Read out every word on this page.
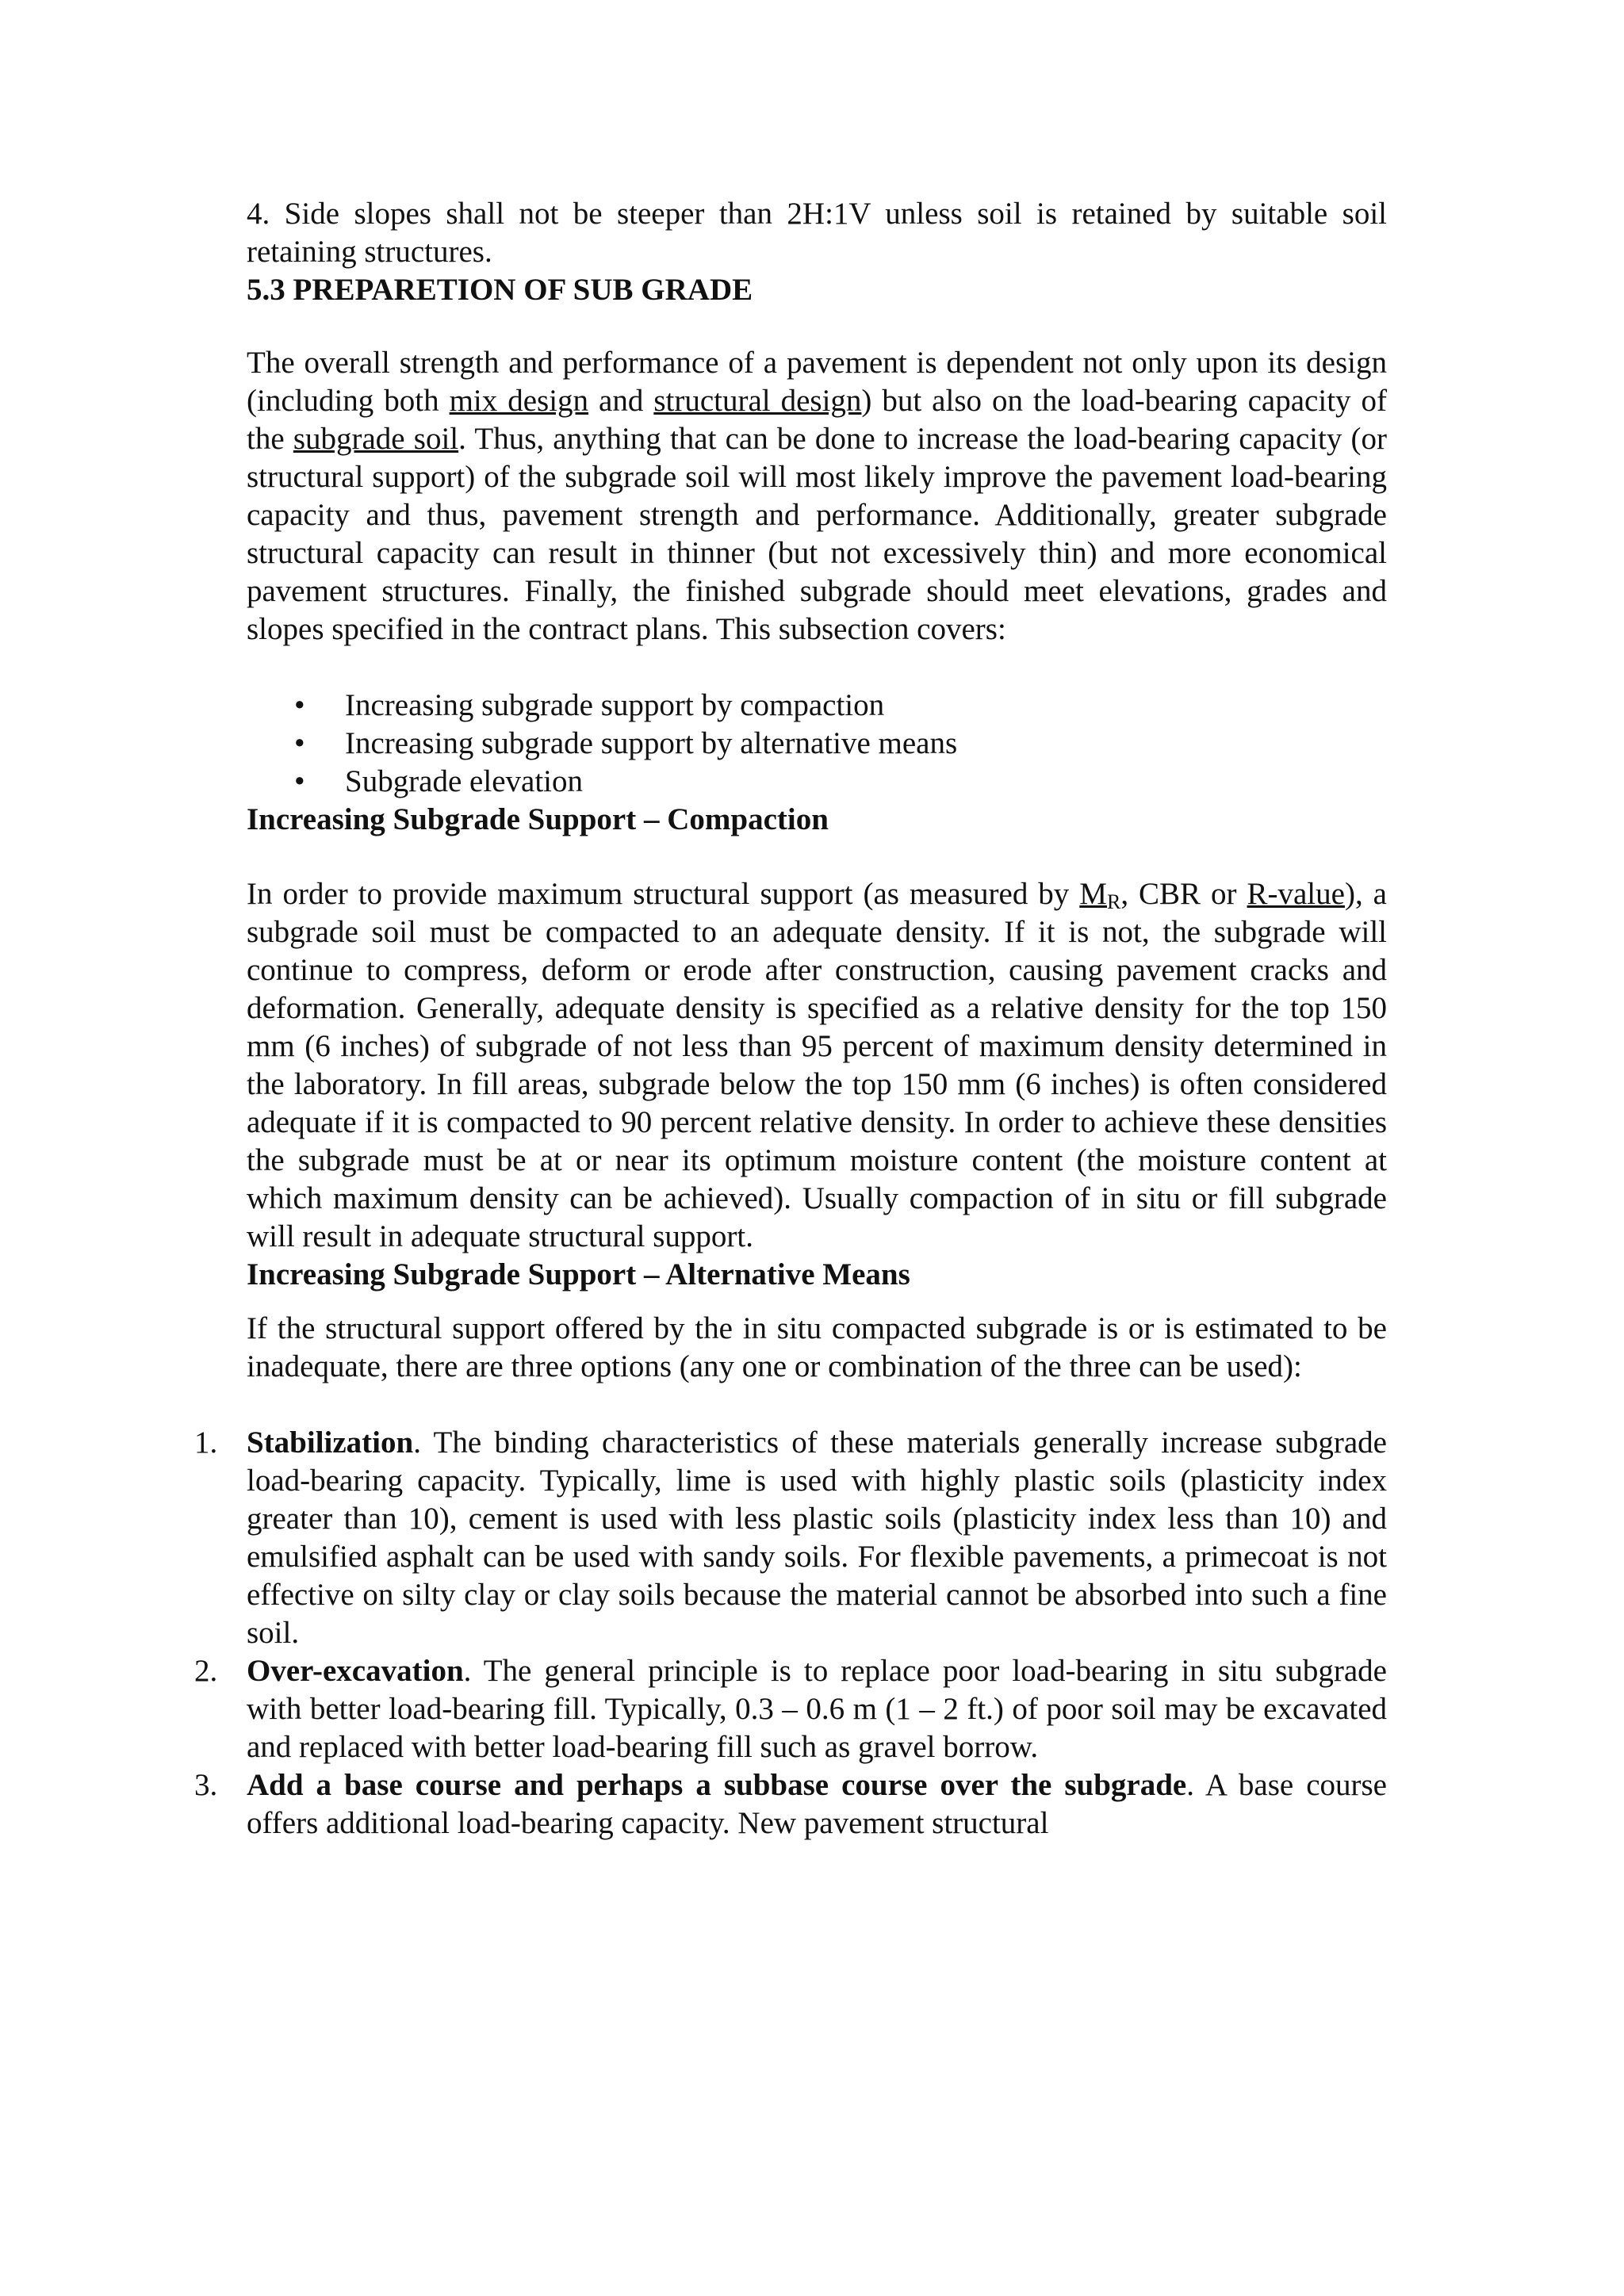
4. Side slopes shall not be steeper than 2H:1V unless soil is retained by suitable soil retaining structures.

5.3 PREPARETION OF SUB GRADE

The overall strength and performance of a pavement is dependent not only upon its design (including both mix design and structural design) but also on the load-bearing capacity of the subgrade soil. Thus, anything that can be done to increase the load-bearing capacity (or structural support) of the subgrade soil will most likely improve the pavement load-bearing capacity and thus, pavement strength and performance. Additionally, greater subgrade structural capacity can result in thinner (but not excessively thin) and more economical pavement structures. Finally, the finished subgrade should meet elevations, grades and slopes specified in the contract plans. This subsection covers:

• Increasing subgrade support by compaction
• Increasing subgrade support by alternative means
• Subgrade elevation

Increasing Subgrade Support – Compaction

In order to provide maximum structural support (as measured by $M_R$, CBR or R-value), a subgrade soil must be compacted to an adequate density. If it is not, the subgrade will continue to compress, deform or erode after construction, causing pavement cracks and deformation. Generally, adequate density is specified as a relative density for the top 150 mm (6 inches) of subgrade of not less than 95 percent of maximum density determined in the laboratory. In fill areas, subgrade below the top 150 mm (6 inches) is often considered adequate if it is compacted to 90 percent relative density. In order to achieve these densities the subgrade must be at or near its optimum moisture content (the moisture content at which maximum density can be achieved). Usually compaction of in situ or fill subgrade will result in adequate structural support.

Increasing Subgrade Support – Alternative Means

If the structural support offered by the in situ compacted subgrade is or is estimated to be inadequate, there are three options (any one or combination of the three can be used):

1. Stabilization. The binding characteristics of these materials generally increase subgrade load-bearing capacity. Typically, lime is used with highly plastic soils (plasticity index greater than 10), cement is used with less plastic soils (plasticity index less than 10) and emulsified asphalt can be used with sandy soils. For flexible pavements, a primecoat is not effective on silty clay or clay soils because the material cannot be absorbed into such a fine soil.
2. Over-excavation. The general principle is to replace poor load-bearing in situ subgrade with better load-bearing fill. Typically, 0.3 – 0.6 m (1 – 2 ft.) of poor soil may be excavated and replaced with better load-bearing fill such as gravel borrow.
3. Add a base course and perhaps a subbase course over the subgrade. A base course offers additional load-bearing capacity. New pavement structural
